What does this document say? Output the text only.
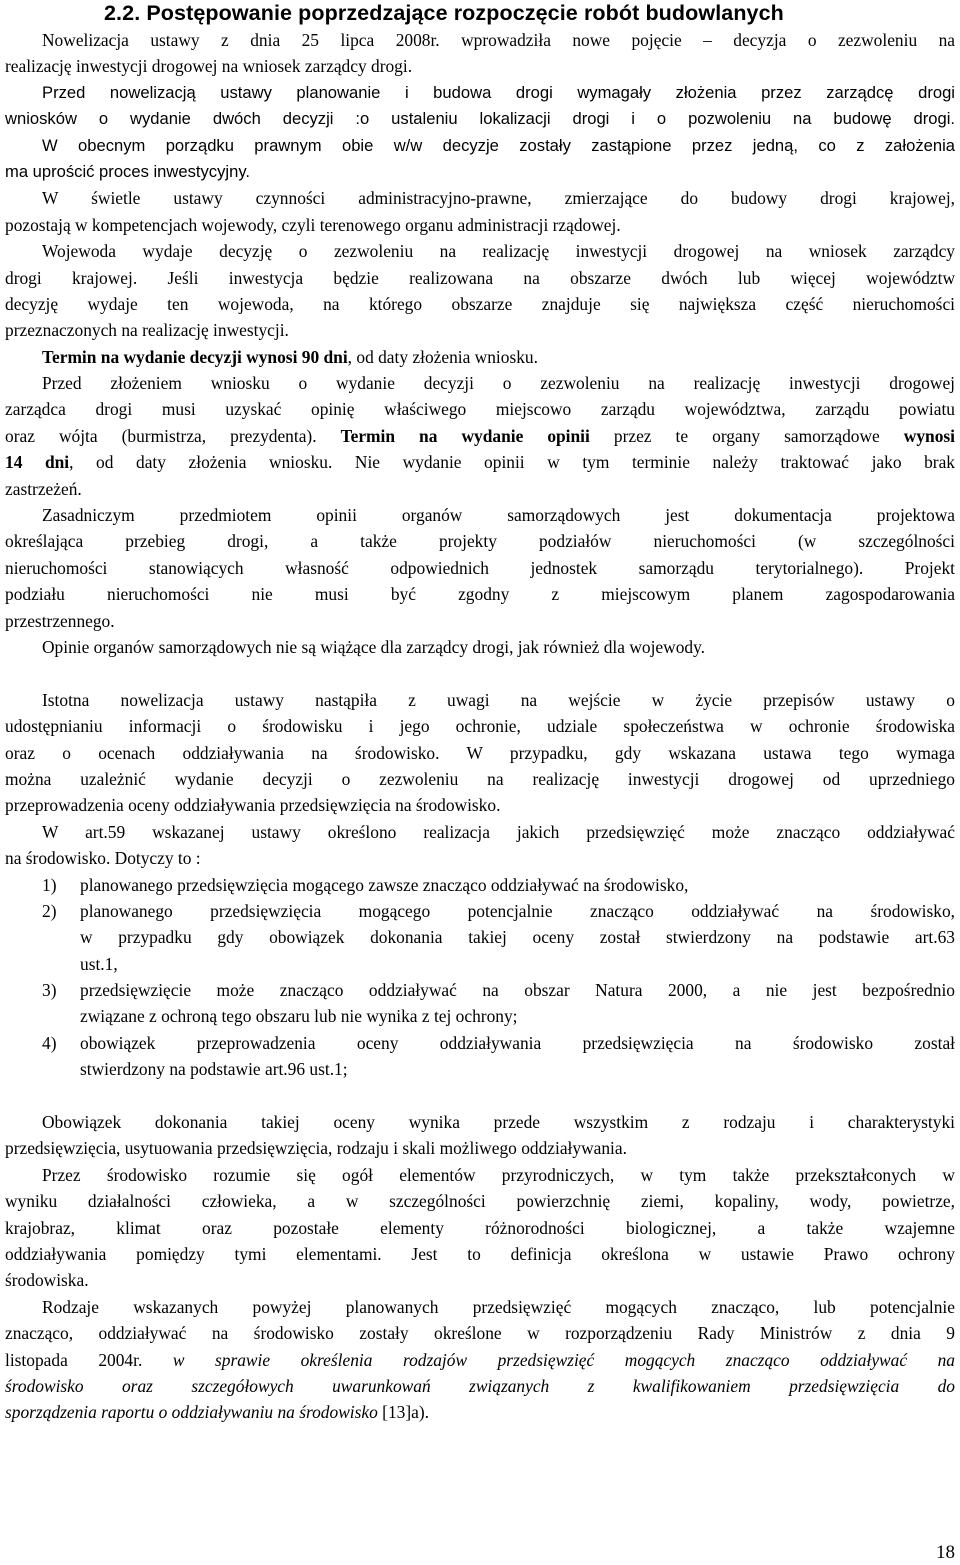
2.2. Postępowanie poprzedzające rozpoczęcie robót budowlanych
Nowelizacja ustawy z dnia 25 lipca 2008r. wprowadziła nowe pojęcie – decyzja o zezwoleniu na
realizację inwestycji drogowej na wniosek zarządcy drogi.
Przed nowelizacją ustawy planowanie i budowa drogi wymagały złożenia przez zarządcę drogi
wniosków o wydanie dwóch decyzji :o ustaleniu lokalizacji drogi i o pozwoleniu na budowę drogi.
W obecnym porządku prawnym obie w/w decyzje zostały zastąpione przez jedną, co z założenia
ma uprościć proces inwestycyjny.
W świetle ustawy czynności administracyjno-prawne, zmierzające do budowy drogi krajowej,
pozostają w kompetencjach wojewody, czyli terenowego organu administracji rządowej.
Wojewoda wydaje decyzję o zezwoleniu na realizację inwestycji drogowej na wniosek zarządcy
drogi krajowej. Jeśli inwestycja będzie realizowana na obszarze dwóch lub więcej województw
decyzję wydaje ten wojewoda, na którego obszarze znajduje się największa część nieruchomości
przeznaczonych na realizację inwestycji.
Termin na wydanie decyzji wynosi 90 dni, od daty złożenia wniosku.
Przed złożeniem wniosku o wydanie decyzji o zezwoleniu na realizację inwestycji drogowej
zarządca drogi musi uzyskać opinię właściwego miejscowo zarządu województwa, zarządu powiatu
oraz wójta (burmistrza, prezydenta). Termin na wydanie opinii przez te organy samorządowe wynosi
14 dni, od daty złożenia wniosku. Nie wydanie opinii w tym terminie należy traktować jako brak
zastrzeżeń.
Zasadniczym przedmiotem opinii organów samorządowych jest dokumentacja projektowa
określająca przebieg drogi, a także projekty podziałów nieruchomości (w szczególności
nieruchomości stanowiących własność odpowiednich jednostek samorządu terytorialnego). Projekt
podziału nieruchomości nie musi być zgodny z miejscowym planem zagospodarowania
przestrzennego.
Opinie organów samorządowych nie są wiążące dla zarządcy drogi, jak również dla wojewody.
Istotna nowelizacja ustawy nastąpiła z uwagi na wejście w życie przepisów ustawy o
udostępnianiu informacji o środowisku i jego ochronie, udziale społeczeństwa w ochronie środowiska
oraz o ocenach oddziaływania na środowisko. W przypadku, gdy wskazana ustawa tego wymaga
można uzależnić wydanie decyzji o zezwoleniu na realizację inwestycji drogowej od uprzedniego
przeprowadzenia oceny oddziaływania przedsięwzięcia na środowisko.
W art.59 wskazanej ustawy określono realizacja jakich przedsięwzięć może znacząco oddziaływać
na środowisko. Dotyczy to :
1) planowanego przedsięwzięcia mogącego zawsze znacząco oddziaływać na środowisko,
2) planowanego przedsięwzięcia mogącego potencjalnie znacząco oddziaływać na środowisko,
w przypadku gdy obowiązek dokonania takiej oceny został stwierdzony na podstawie art.63
ust.1,
3) przedsięwzięcie może znacząco oddziaływać na obszar Natura 2000, a nie jest bezpośrednio
związane z ochroną tego obszaru lub nie wynika z tej ochrony;
4) obowiązek przeprowadzenia oceny oddziaływania przedsięwzięcia na środowisko został
stwierdzony na podstawie art.96 ust.1;
Obowiązek dokonania takiej oceny wynika przede wszystkim z rodzaju i charakterystyki
przedsięwzięcia, usytuowania przedsięwzięcia, rodzaju i skali możliwego oddziaływania.
Przez środowisko rozumie się ogół elementów przyrodniczych, w tym także przekształconych w
wyniku działalności człowieka, a w szczególności powierzchnię ziemi, kopaliny, wody, powietrze,
krajobraz, klimat oraz pozostałe elementy różnorodności biologicznej, a także wzajemne
oddziaływania pomiędzy tymi elementami. Jest to definicja określona w ustawie Prawo ochrony
środowiska.
Rodzaje wskazanych powyżej planowanych przedsięwzięć mogących znacząco, lub potencjalnie
znacząco, oddziaływać na środowisko zostały określone w rozporządzeniu Rady Ministrów z dnia 9
listopada 2004r. w sprawie określenia rodzajów przedsięwzięć mogących znacząco oddziaływać na
środowisko oraz szczegółowych uwarunkowań związanych z kwalifikowaniem przedsięwzięcia do
sporządzenia raportu o oddziaływaniu na środowisko [13]a).
18
